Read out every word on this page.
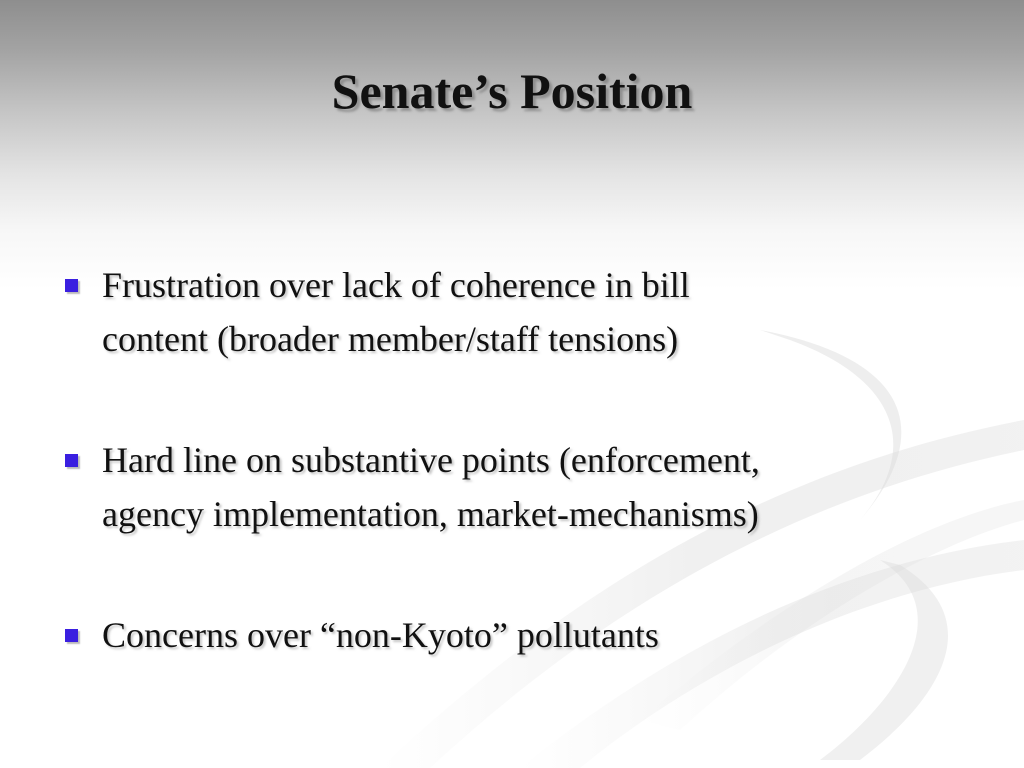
Senate’s Position
Frustration over lack of coherence in bill
content (broader member/staff tensions)
Hard line on substantive points (enforcement,
agency implementation, market-mechanisms)
Concerns over “non-Kyoto” pollutants
